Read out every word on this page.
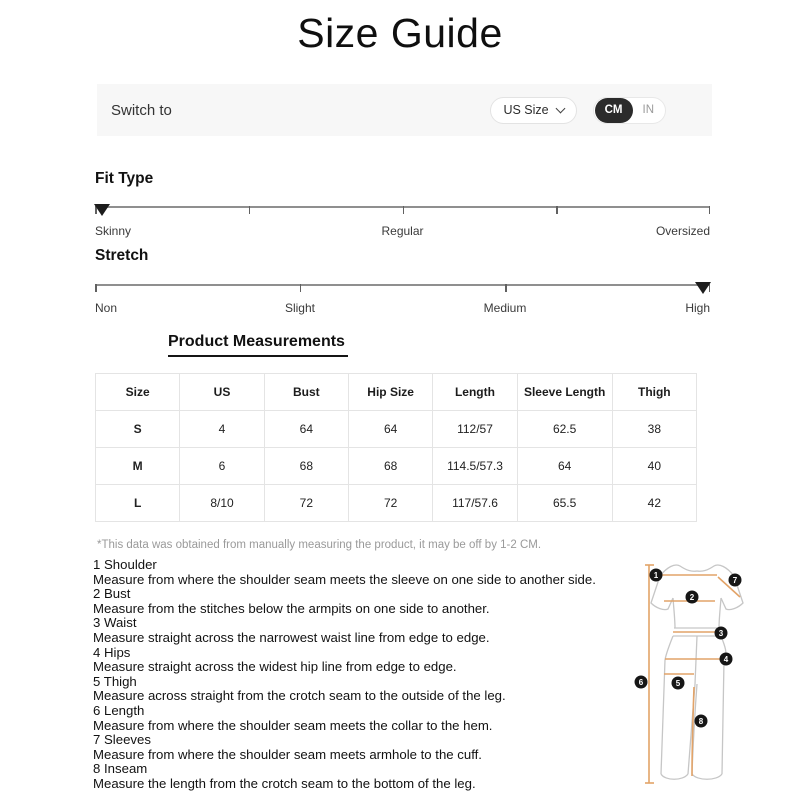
Size Guide
Switch to	US Size	CM	IN
Fit Type
Skinny	Regular	Oversized
Stretch
Non	Slight	Medium	High
Product Measurements
Size	US	Bust	Hip Size	Length	Sleeve Length	Thigh
S	4	64	64	112/57	62.5	38
M	6	68	68	114.5/57.3	64	40
L	8/10	72	72	117/57.6	65.5	42
*This data was obtained from manually measuring the product, it may be off by 1-2 CM.
1 Shoulder
Measure from where the shoulder seam meets the sleeve on one side to another side.
2 Bust
Measure from the stitches below the armpits on one side to another.
3 Waist
Measure straight across the narrowest waist line from edge to edge.
4 Hips
Measure straight across the widest hip line from edge to edge.
5 Thigh
Measure across straight from the crotch seam to the outside of the leg.
6 Length
Measure from where the shoulder seam meets the collar to the hem.
7 Sleeves
Measure from where the shoulder seam meets armhole to the cuff.
8 Inseam
Measure the length from the crotch seam to the bottom of the leg.
1
2
3
4
5
6
7
8
